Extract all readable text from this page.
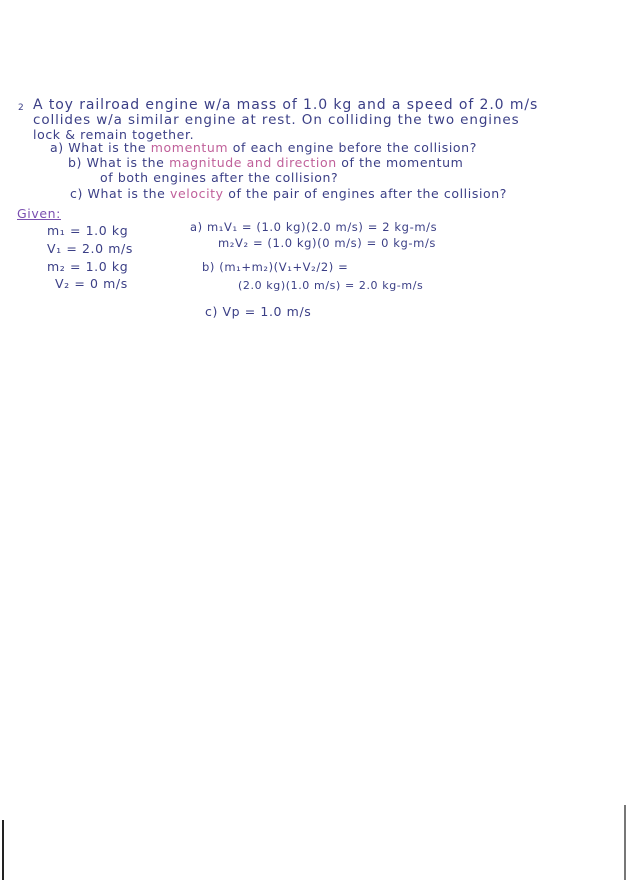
2 A toy railroad engine w/a mass of 1.0 kg and a speed of 2.0 m/s
collides w/a similar engine at rest. On colliding the two engines
lock & remain together.
a) What is the momentum of each engine before the collision?
b) What is the magnitude and direction of the momentum
of both engines after the collision?
c) What is the velocity of the pair of engines after the collision?
Given:
m₁ = 1.0 kg
V₁ = 2.0 m/s
m₂ = 1.0 kg
V₂ = 0 m/s
a) m₁V₁ = (1.0 kg)(2.0 m/s) = 2 kg-m/s
m₂V₂ = (1.0 kg)(0 m/s) = 0 kg-m/s
b) (m₁+m₂)(V₁+V₂/2) =
(2.0 kg)(1.0 m/s) = 2.0 kg-m/s
c) Vp = 1.0 m/s
